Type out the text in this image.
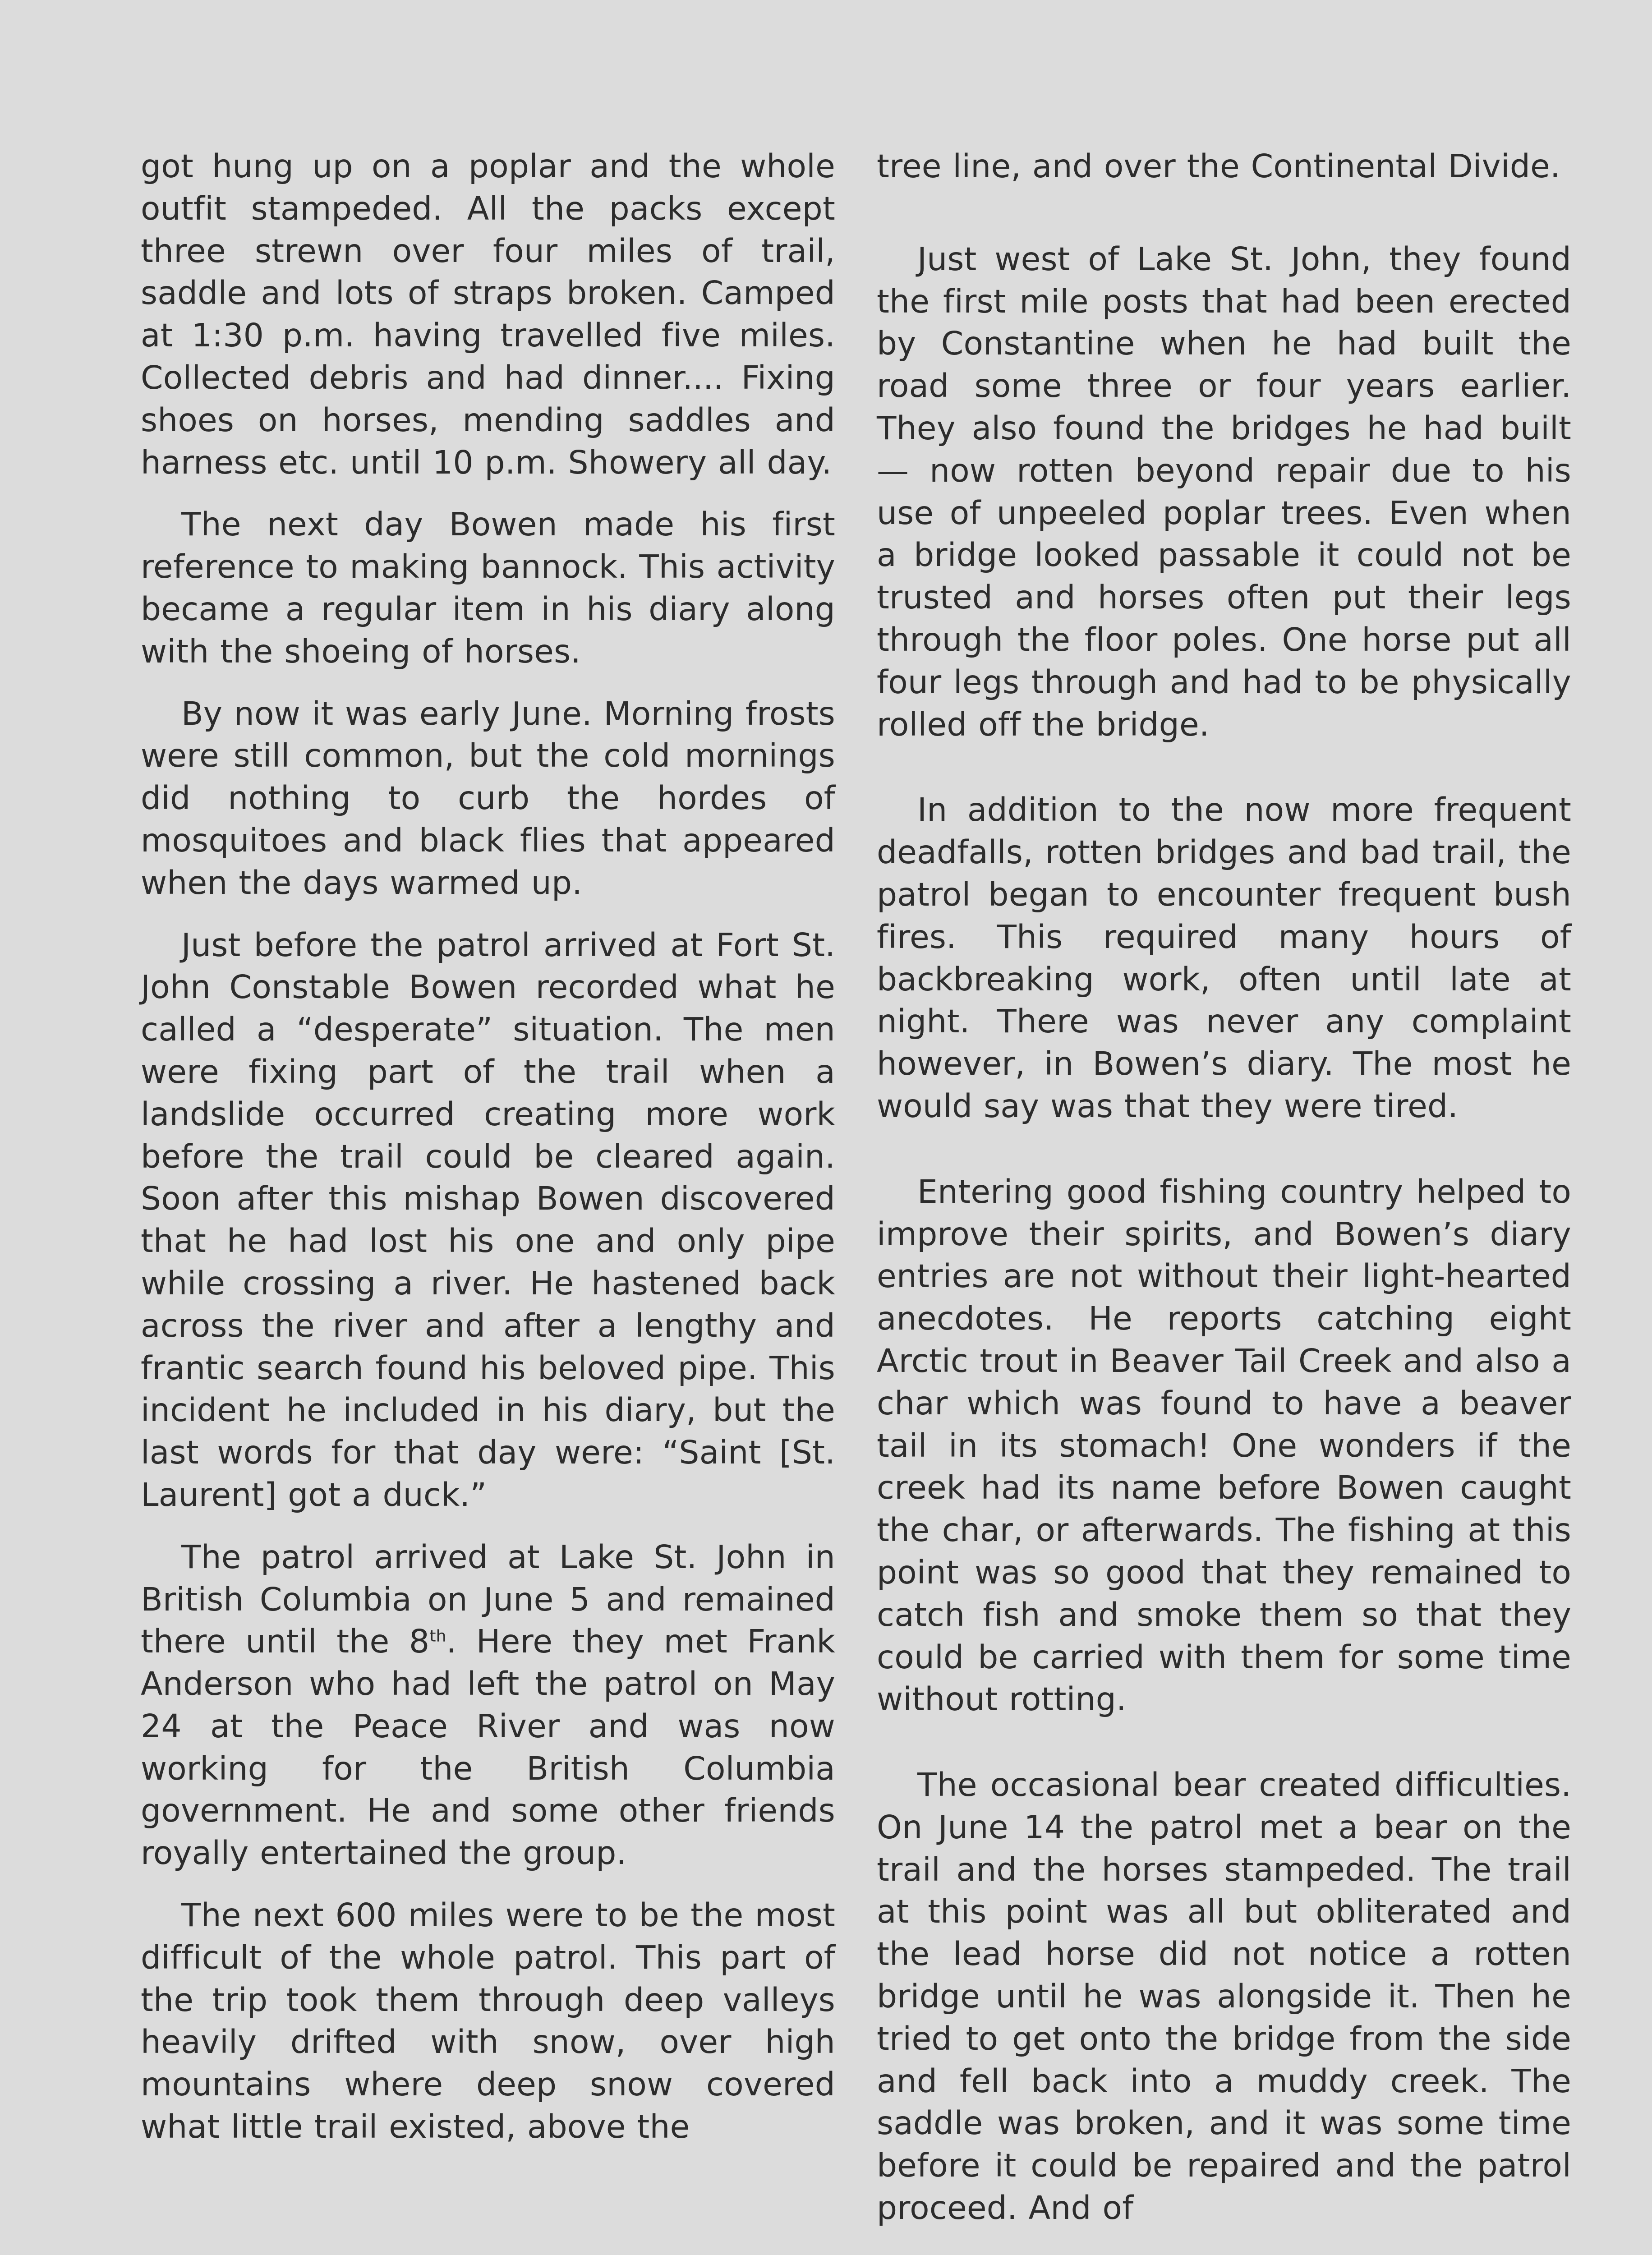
got hung up on a poplar and the whole outfit stampeded. All the packs except three strewn over four miles of trail, saddle and lots of straps broken. Camped at 1:30 p.m. having travelled five miles. Collected debris and had dinner.... Fixing shoes on horses, mending saddles and harness etc. until 10 p.m. Showery all day.

The next day Bowen made his first reference to making bannock. This activity became a regular item in his diary along with the shoeing of horses.

By now it was early June. Morning frosts were still common, but the cold mornings did nothing to curb the hordes of mosquitoes and black flies that appeared when the days warmed up.

Just before the patrol arrived at Fort St. John Constable Bowen recorded what he called a “desperate” situation. The men were fixing part of the trail when a landslide occurred creating more work before the trail could be cleared again. Soon after this mishap Bowen discovered that he had lost his one and only pipe while crossing a river. He hastened back across the river and after a lengthy and frantic search found his beloved pipe. This incident he included in his diary, but the last words for that day were: “Saint [St. Laurent] got a duck.”

The patrol arrived at Lake St. John in British Columbia on June 5 and remained there until the 8th. Here they met Frank Anderson who had left the patrol on May 24 at the Peace River and was now working for the British Columbia government. He and some other friends royally entertained the group.

The next 600 miles were to be the most difficult of the whole patrol. This part of the trip took them through deep valleys heavily drifted with snow, over high mountains where deep snow covered what little trail existed, above the

tree line, and over the Continental Divide.

Just west of Lake St. John, they found the first mile posts that had been erected by Constantine when he had built the road some three or four years earlier. They also found the bridges he had built — now rotten beyond repair due to his use of unpeeled poplar trees. Even when a bridge looked passable it could not be trusted and horses often put their legs through the floor poles. One horse put all four legs through and had to be physically rolled off the bridge.

In addition to the now more frequent deadfalls, rotten bridges and bad trail, the patrol began to encounter frequent bush fires. This required many hours of backbreaking work, often until late at night. There was never any complaint however, in Bowen’s diary. The most he would say was that they were tired.

Entering good fishing country helped to improve their spirits, and Bowen’s diary entries are not without their light-hearted anecdotes. He reports catching eight Arctic trout in Beaver Tail Creek and also a char which was found to have a beaver tail in its stomach! One wonders if the creek had its name before Bowen caught the char, or afterwards. The fishing at this point was so good that they remained to catch fish and smoke them so that they could be carried with them for some time without rotting.

The occasional bear created difficulties. On June 14 the patrol met a bear on the trail and the horses stampeded. The trail at this point was all but obliterated and the lead horse did not notice a rotten bridge until he was alongside it. Then he tried to get onto the bridge from the side and fell back into a muddy creek. The saddle was broken, and it was some time before it could be repaired and the patrol proceed. And of
